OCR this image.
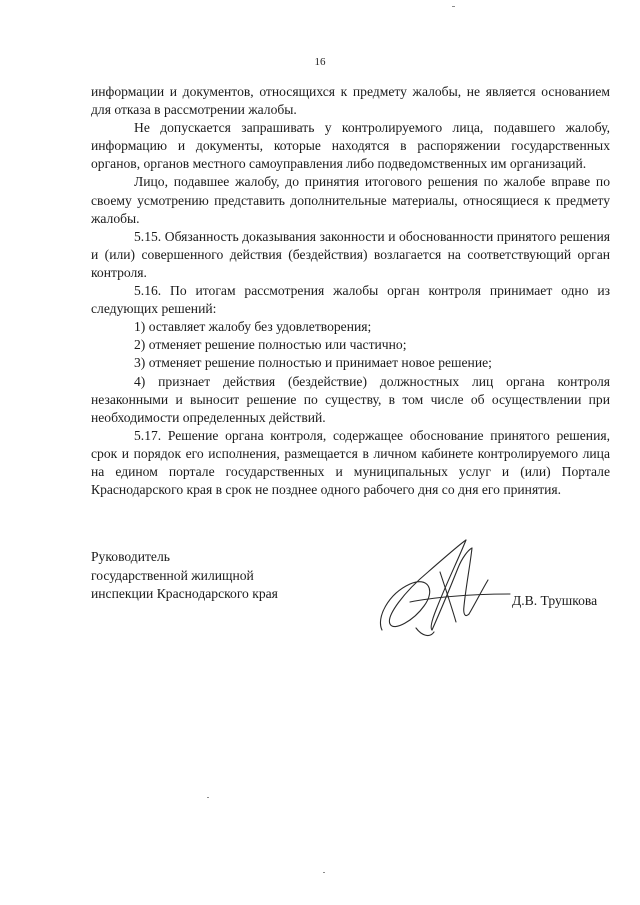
16

информации и документов, относящихся к предмету жалобы, не является основанием для отказа в рассмотрении жалобы.

Не допускается запрашивать у контролируемого лица, подавшего жалобу, информацию и документы, которые находятся в распоряжении государственных органов, органов местного самоуправления либо подведомственных им организаций.

Лицо, подавшее жалобу, до принятия итогового решения по жалобе вправе по своему усмотрению представить дополнительные материалы, относящиеся к предмету жалобы.

5.15. Обязанность доказывания законности и обоснованности принятого решения и (или) совершенного действия (бездействия) возлагается на соответствующий орган контроля.

5.16. По итогам рассмотрения жалобы орган контроля принимает одно из следующих решений:

1) оставляет жалобу без удовлетворения;

2) отменяет решение полностью или частично;

3) отменяет решение полностью и принимает новое решение;

4) признает действия (бездействие) должностных лиц органа контроля незаконными и выносит решение по существу, в том числе об осуществлении при необходимости определенных действий.

5.17. Решение органа контроля, содержащее обоснование принятого решения, срок и порядок его исполнения, размещается в личном кабинете контролируемого лица на едином портале государственных и муниципальных услуг и (или) Портале Краснодарского края в срок не позднее одного рабочего дня со дня его принятия.

Руководитель
государственной жилищной
инспекции Краснодарского края	Д.В. Трушкова
